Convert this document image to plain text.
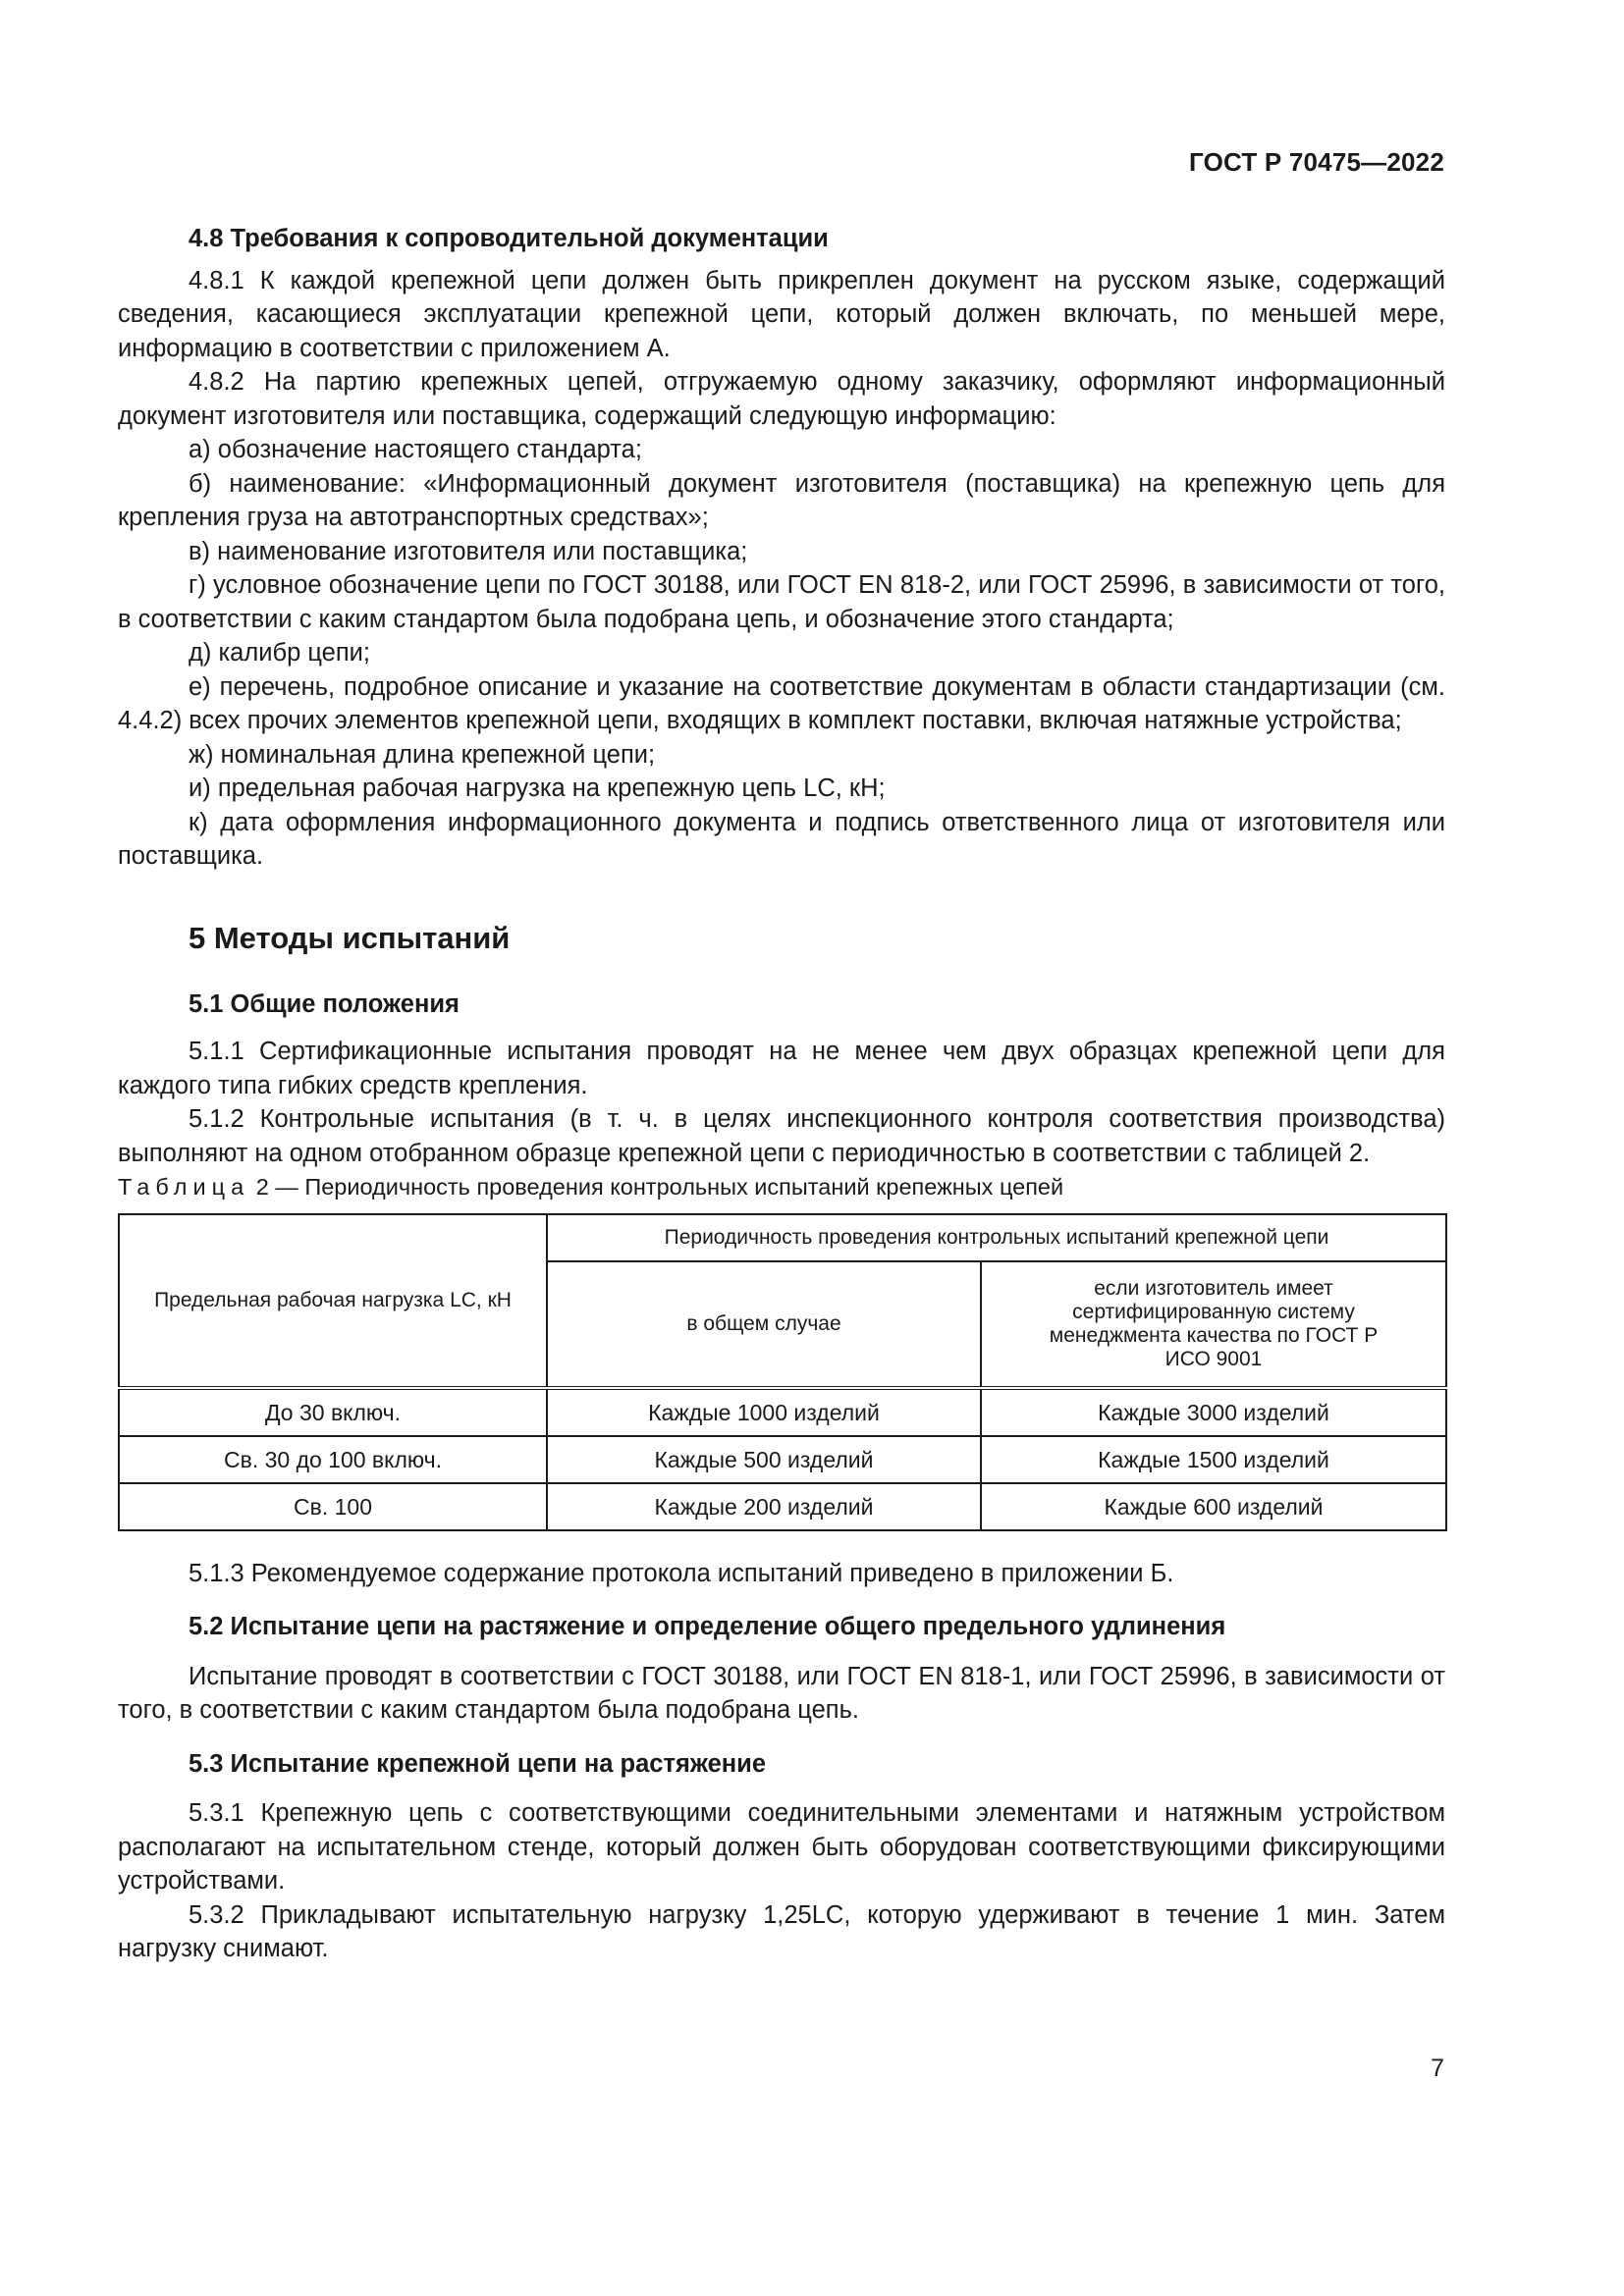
ГОСТ Р 70475—2022

4.8 Требования к сопроводительной документации

4.8.1 К каждой крепежной цепи должен быть прикреплен документ на русском языке, содержащий сведения, касающиеся эксплуатации крепежной цепи, который должен включать, по меньшей мере, информацию в соответствии с приложением А.

4.8.2 На партию крепежных цепей, отгружаемую одному заказчику, оформляют информационный документ изготовителя или поставщика, содержащий следующую информацию:

а) обозначение настоящего стандарта;

б) наименование: «Информационный документ изготовителя (поставщика) на крепежную цепь для крепления груза на автотранспортных средствах»;

в) наименование изготовителя или поставщика;

г) условное обозначение цепи по ГОСТ 30188, или ГОСТ EN 818-2, или ГОСТ 25996, в зависимости от того, в соответствии с каким стандартом была подобрана цепь, и обозначение этого стандарта;

д) калибр цепи;

е) перечень, подробное описание и указание на соответствие документам в области стандартизации (см. 4.4.2) всех прочих элементов крепежной цепи, входящих в комплект поставки, включая натяжные устройства;

ж) номинальная длина крепежной цепи;

и) предельная рабочая нагрузка на крепежную цепь LC, кН;

к) дата оформления информационного документа и подпись ответственного лица от изготовителя или поставщика.

5 Методы испытаний

5.1 Общие положения

5.1.1 Сертификационные испытания проводят на не менее чем двух образцах крепежной цепи для каждого типа гибких средств крепления.

5.1.2 Контрольные испытания (в т. ч. в целях инспекционного контроля соответствия производства) выполняют на одном отобранном образце крепежной цепи с периодичностью в соответствии с таблицей 2.

Таблица 2 — Периодичность проведения контрольных испытаний крепежных цепей

Предельная рабочая нагрузка LC, кН	Периодичность проведения контрольных испытаний крепежной цепи	
	в общем случае	если изготовитель имеет сертифицированную систему менеджмента качества по ГОСТ Р ИСО 9001
До 30 включ.	Каждые 1000 изделий	Каждые 3000 изделий
Св. 30 до 100 включ.	Каждые 500 изделий	Каждые 1500 изделий
Св. 100	Каждые 200 изделий	Каждые 600 изделий

5.1.3 Рекомендуемое содержание протокола испытаний приведено в приложении Б.

5.2 Испытание цепи на растяжение и определение общего предельного удлинения

Испытание проводят в соответствии с ГОСТ 30188, или ГОСТ EN 818-1, или ГОСТ 25996, в зависимости от того, в соответствии с каким стандартом была подобрана цепь.

5.3 Испытание крепежной цепи на растяжение

5.3.1 Крепежную цепь с соответствующими соединительными элементами и натяжным устройством располагают на испытательном стенде, который должен быть оборудован соответствующими фиксирующими устройствами.

5.3.2 Прикладывают испытательную нагрузку 1,25LC, которую удерживают в течение 1 мин. Затем нагрузку снимают.

7
